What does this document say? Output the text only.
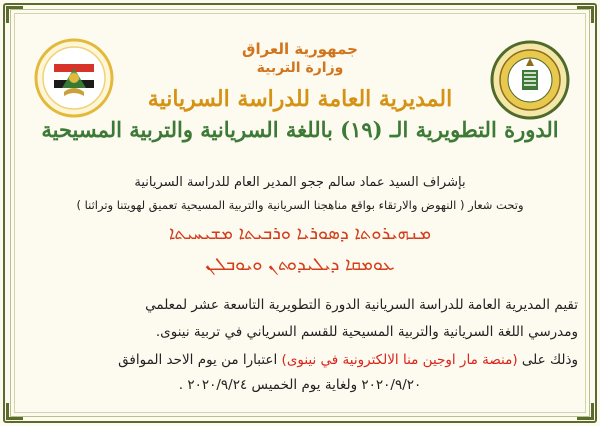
جمهورية العراق
وزارة التربية
المديرية العامة للدراسة السريانية
الدورة التطويرية الـ (١٩) باللغة السريانية والتربية المسيحية
بإشراف السيد عماد سالم ججو المدير العام للدراسة السريانية
وتحت شعار ( النهوض والارتقاء بواقع مناهجنا السريانية والتربية المسيحية تعميق لهويتنا وتراثنا )
ܡܢܗܝܪܘܬܐ ܕܣܘܪܝܐ ܘܪܒܝܬܐ ܡܫܝܚܝܬܐ
ܥܘܡܩܐ ܕܝܠܝܕܘܬܢ ܘܝܘܒܠܢ
تقيم المديرية العامة للدراسة السريانية الدورة التطويرية التاسعة عشر لمعلمي
ومدرسي اللغة السريانية والتربية المسيحية للقسم السرياني في تربية نينوى.
وذلك على (منصة مار اوجين منا الالكترونية في نينوى) اعتبارا من يوم الاحد الموافق
٢٠٢٠/٩/٢٠ ولغاية يوم الخميس ٢٠٢٠/٩/٢٤ .
